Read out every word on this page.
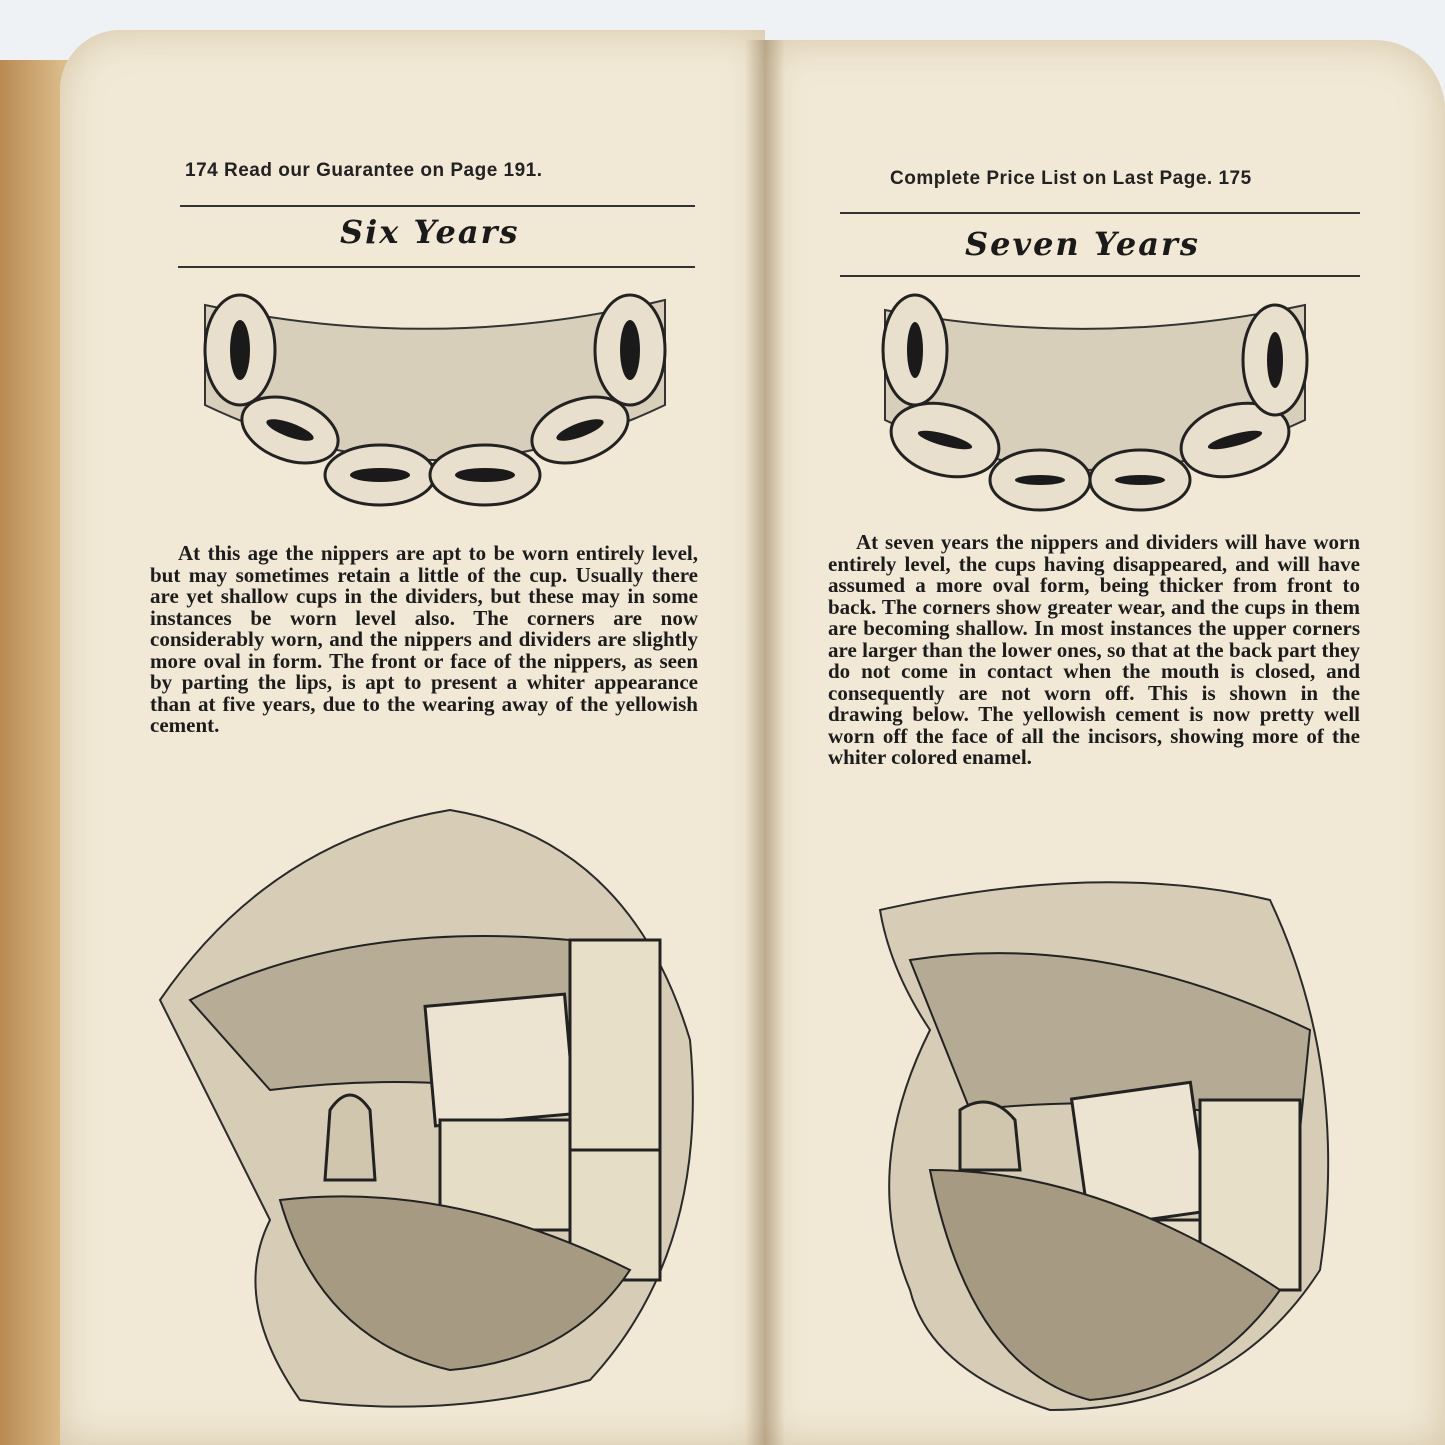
174 Read our Guarantee on Page 191.
Six Years

At this age the nippers are apt to be worn entirely level, but may sometimes retain a little of the cup. Usually there are yet shallow cups in the dividers, but these may in some instances be worn level also. The corners are now considerably worn, and the nippers and dividers are slightly more oval in form. The front or face of the nippers, as seen by parting the lips, is apt to present a whiter appearance than at five years, due to the wearing away of the yellowish cement.

Complete Price List on Last Page. 175
Seven Years

At seven years the nippers and dividers will have worn entirely level, the cups having disappeared, and will have assumed a more oval form, being thicker from front to back. The corners show greater wear, and the cups in them are becoming shallow. In most instances the upper corners are larger than the lower ones, so that at the back part they do not come in contact when the mouth is closed, and consequently are not worn off. This is shown in the drawing below. The yellowish cement is now pretty well worn off the face of all the incisors, showing more of the whiter colored enamel.
